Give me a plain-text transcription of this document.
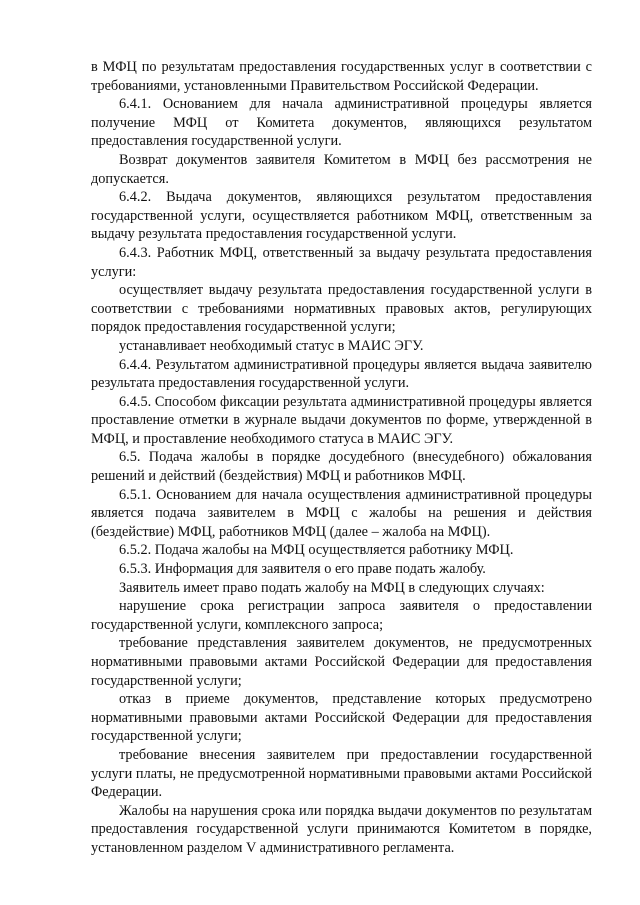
в МФЦ по результатам предоставления государственных услуг в соответствии с требованиями, установленными Правительством Российской Федерации.

6.4.1. Основанием для начала административной процедуры является получение МФЦ от Комитета документов, являющихся результатом предоставления государственной услуги.

Возврат документов заявителя Комитетом в МФЦ без рассмотрения не допускается.

6.4.2. Выдача документов, являющихся результатом предоставления государственной услуги, осуществляется работником МФЦ, ответственным за выдачу результата предоставления государственной услуги.

6.4.3. Работник МФЦ, ответственный за выдачу результата предоставления услуги:

осуществляет выдачу результата предоставления государственной услуги в соответствии с требованиями нормативных правовых актов, регулирующих порядок предоставления государственной услуги;

устанавливает необходимый статус в МАИС ЭГУ.

6.4.4. Результатом административной процедуры является выдача заявителю результата предоставления государственной услуги.

6.4.5. Способом фиксации результата административной процедуры является проставление отметки в журнале выдачи документов по форме, утвержденной в МФЦ, и проставление необходимого статуса в МАИС ЭГУ.

6.5. Подача жалобы в порядке досудебного (внесудебного) обжалования решений и действий (бездействия) МФЦ и работников МФЦ.

6.5.1. Основанием для начала осуществления административной процедуры является подача заявителем в МФЦ с жалобы на решения и действия (бездействие) МФЦ, работников МФЦ (далее – жалоба на МФЦ).

6.5.2. Подача жалобы на МФЦ осуществляется работнику МФЦ.

6.5.3. Информация для заявителя о его праве подать жалобу.

Заявитель имеет право подать жалобу на МФЦ в следующих случаях:

нарушение срока регистрации запроса заявителя о предоставлении государственной услуги, комплексного запроса;

требование представления заявителем документов, не предусмотренных нормативными правовыми актами Российской Федерации для предоставления государственной услуги;

отказ в приеме документов, представление которых предусмотрено нормативными правовыми актами Российской Федерации для предоставления государственной услуги;

требование внесения заявителем при предоставлении государственной услуги платы, не предусмотренной нормативными правовыми актами Российской Федерации.

Жалобы на нарушения срока или порядка выдачи документов по результатам предоставления государственной услуги принимаются Комитетом в порядке, установленном разделом V административного регламента.
